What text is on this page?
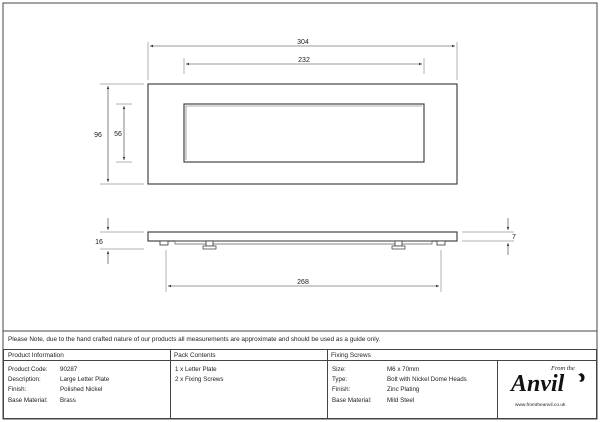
304
232
96 56
16
7
268
Please Note, due to the hand crafted nature of our products all measurements are approximate and should be used as a guide only.
Product Information	Pack Contents	Fixing Screws
Product Code:
Description:
Finish:
Base Material:
90287
Large Letter Plate
Polished Nickel
Brass
1 x Letter Plate
2 x Fixing Screws
Size:
Type:
Finish:
Base Material:
M6 x 70mm
Bolt with Nickel Dome Heads
Zinc Plating
Mild Steel
From the
Anvil
www.fromtheanvil.co.uk
